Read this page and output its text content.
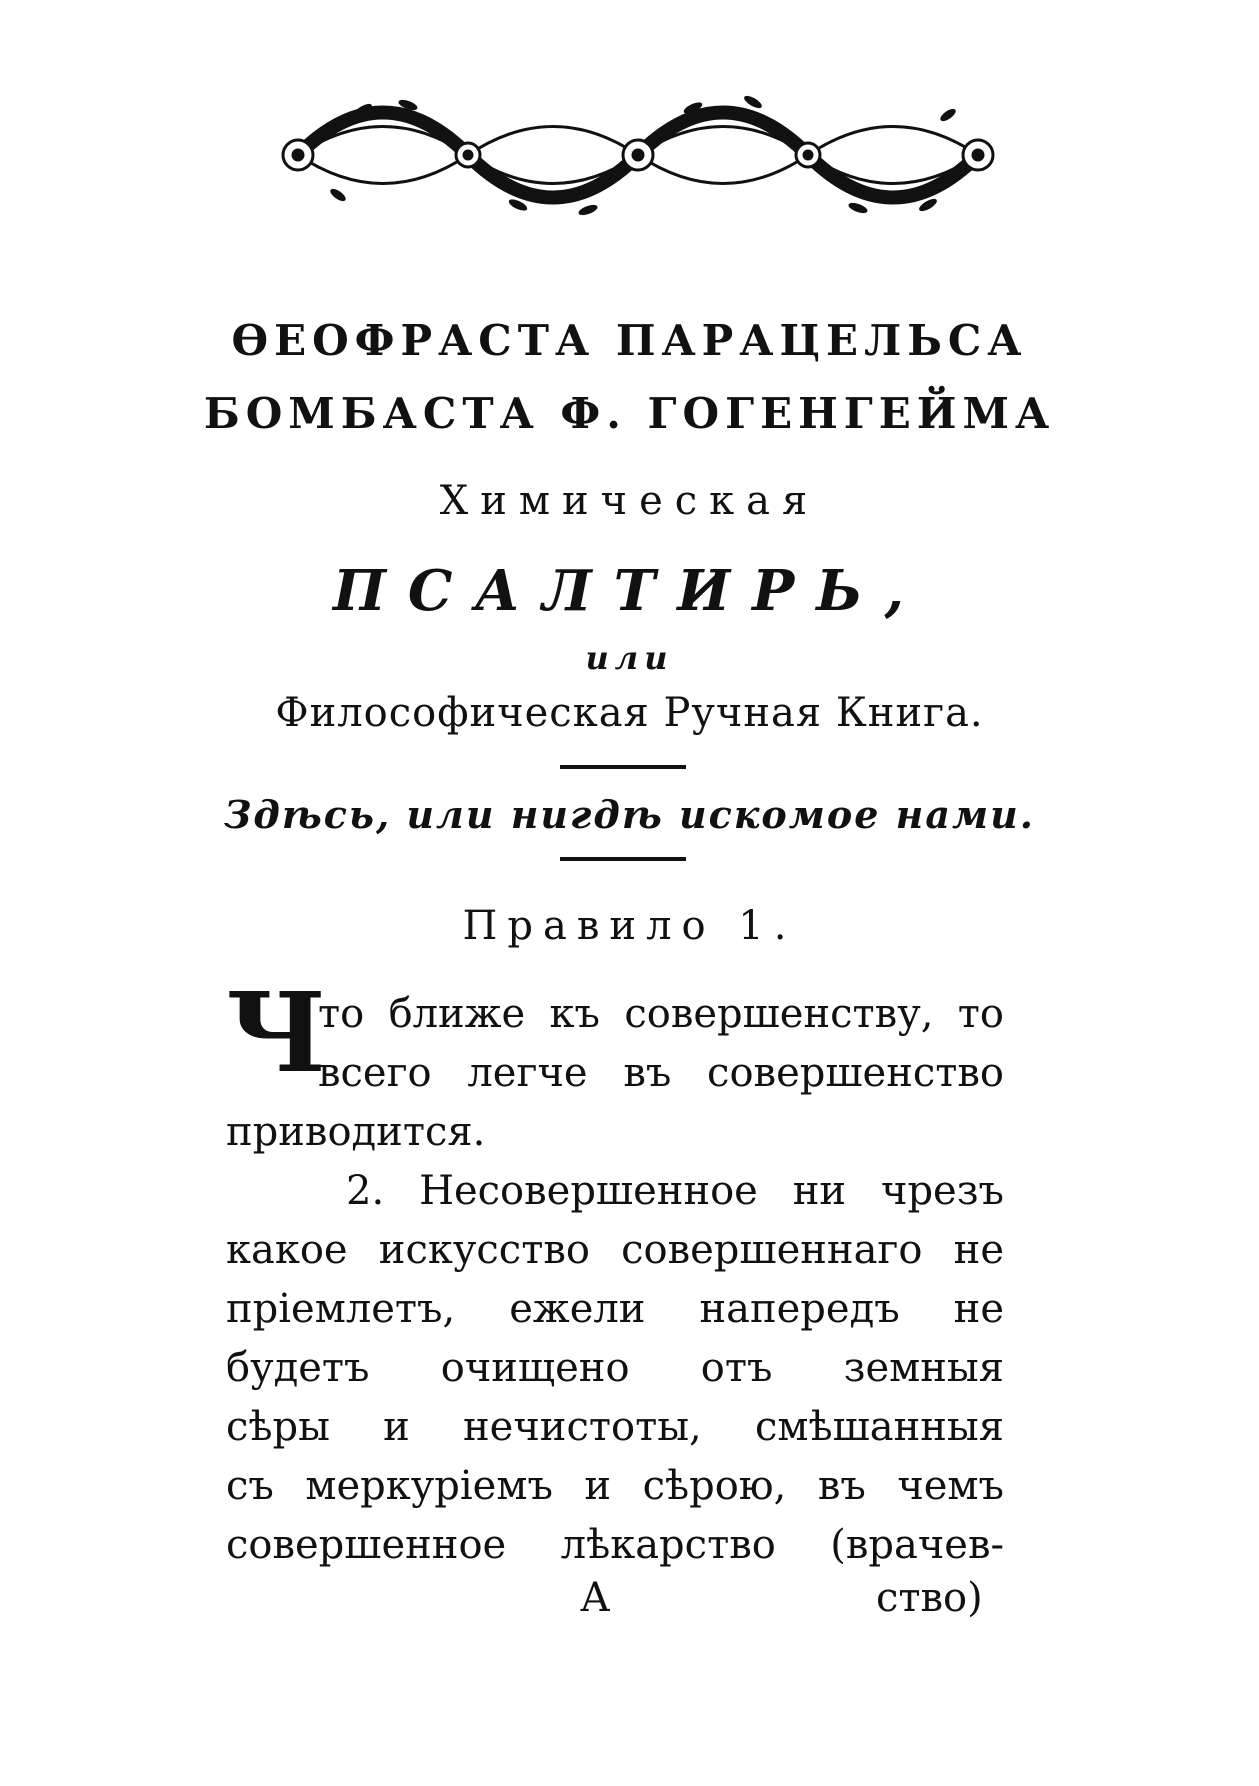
ѲЕОФРАСТА ПАРАЦЕЛЬСА
БОМБАСТА Ф. ГОГЕНГЕЙМА
Химическая
ПСАЛТИРЬ,
или
Философическая Ручная Книга.
Здѣсь, или нигдѣ искомое нами.
Правило 1.
Ч
то ближе къ совершенству, то
всего легче въ совершенство
приводится.
2. Несовершенное ни чрезъ
какое искусство совершеннаго не
пріемлетъ, ежели напередъ не
будетъ очищено отъ земныя
сѣры и нечистоты, смѣшанныя
съ меркуріемъ и сѣрою, въ чемъ
совершенное лѣкарство (врачев-
А	ство)
